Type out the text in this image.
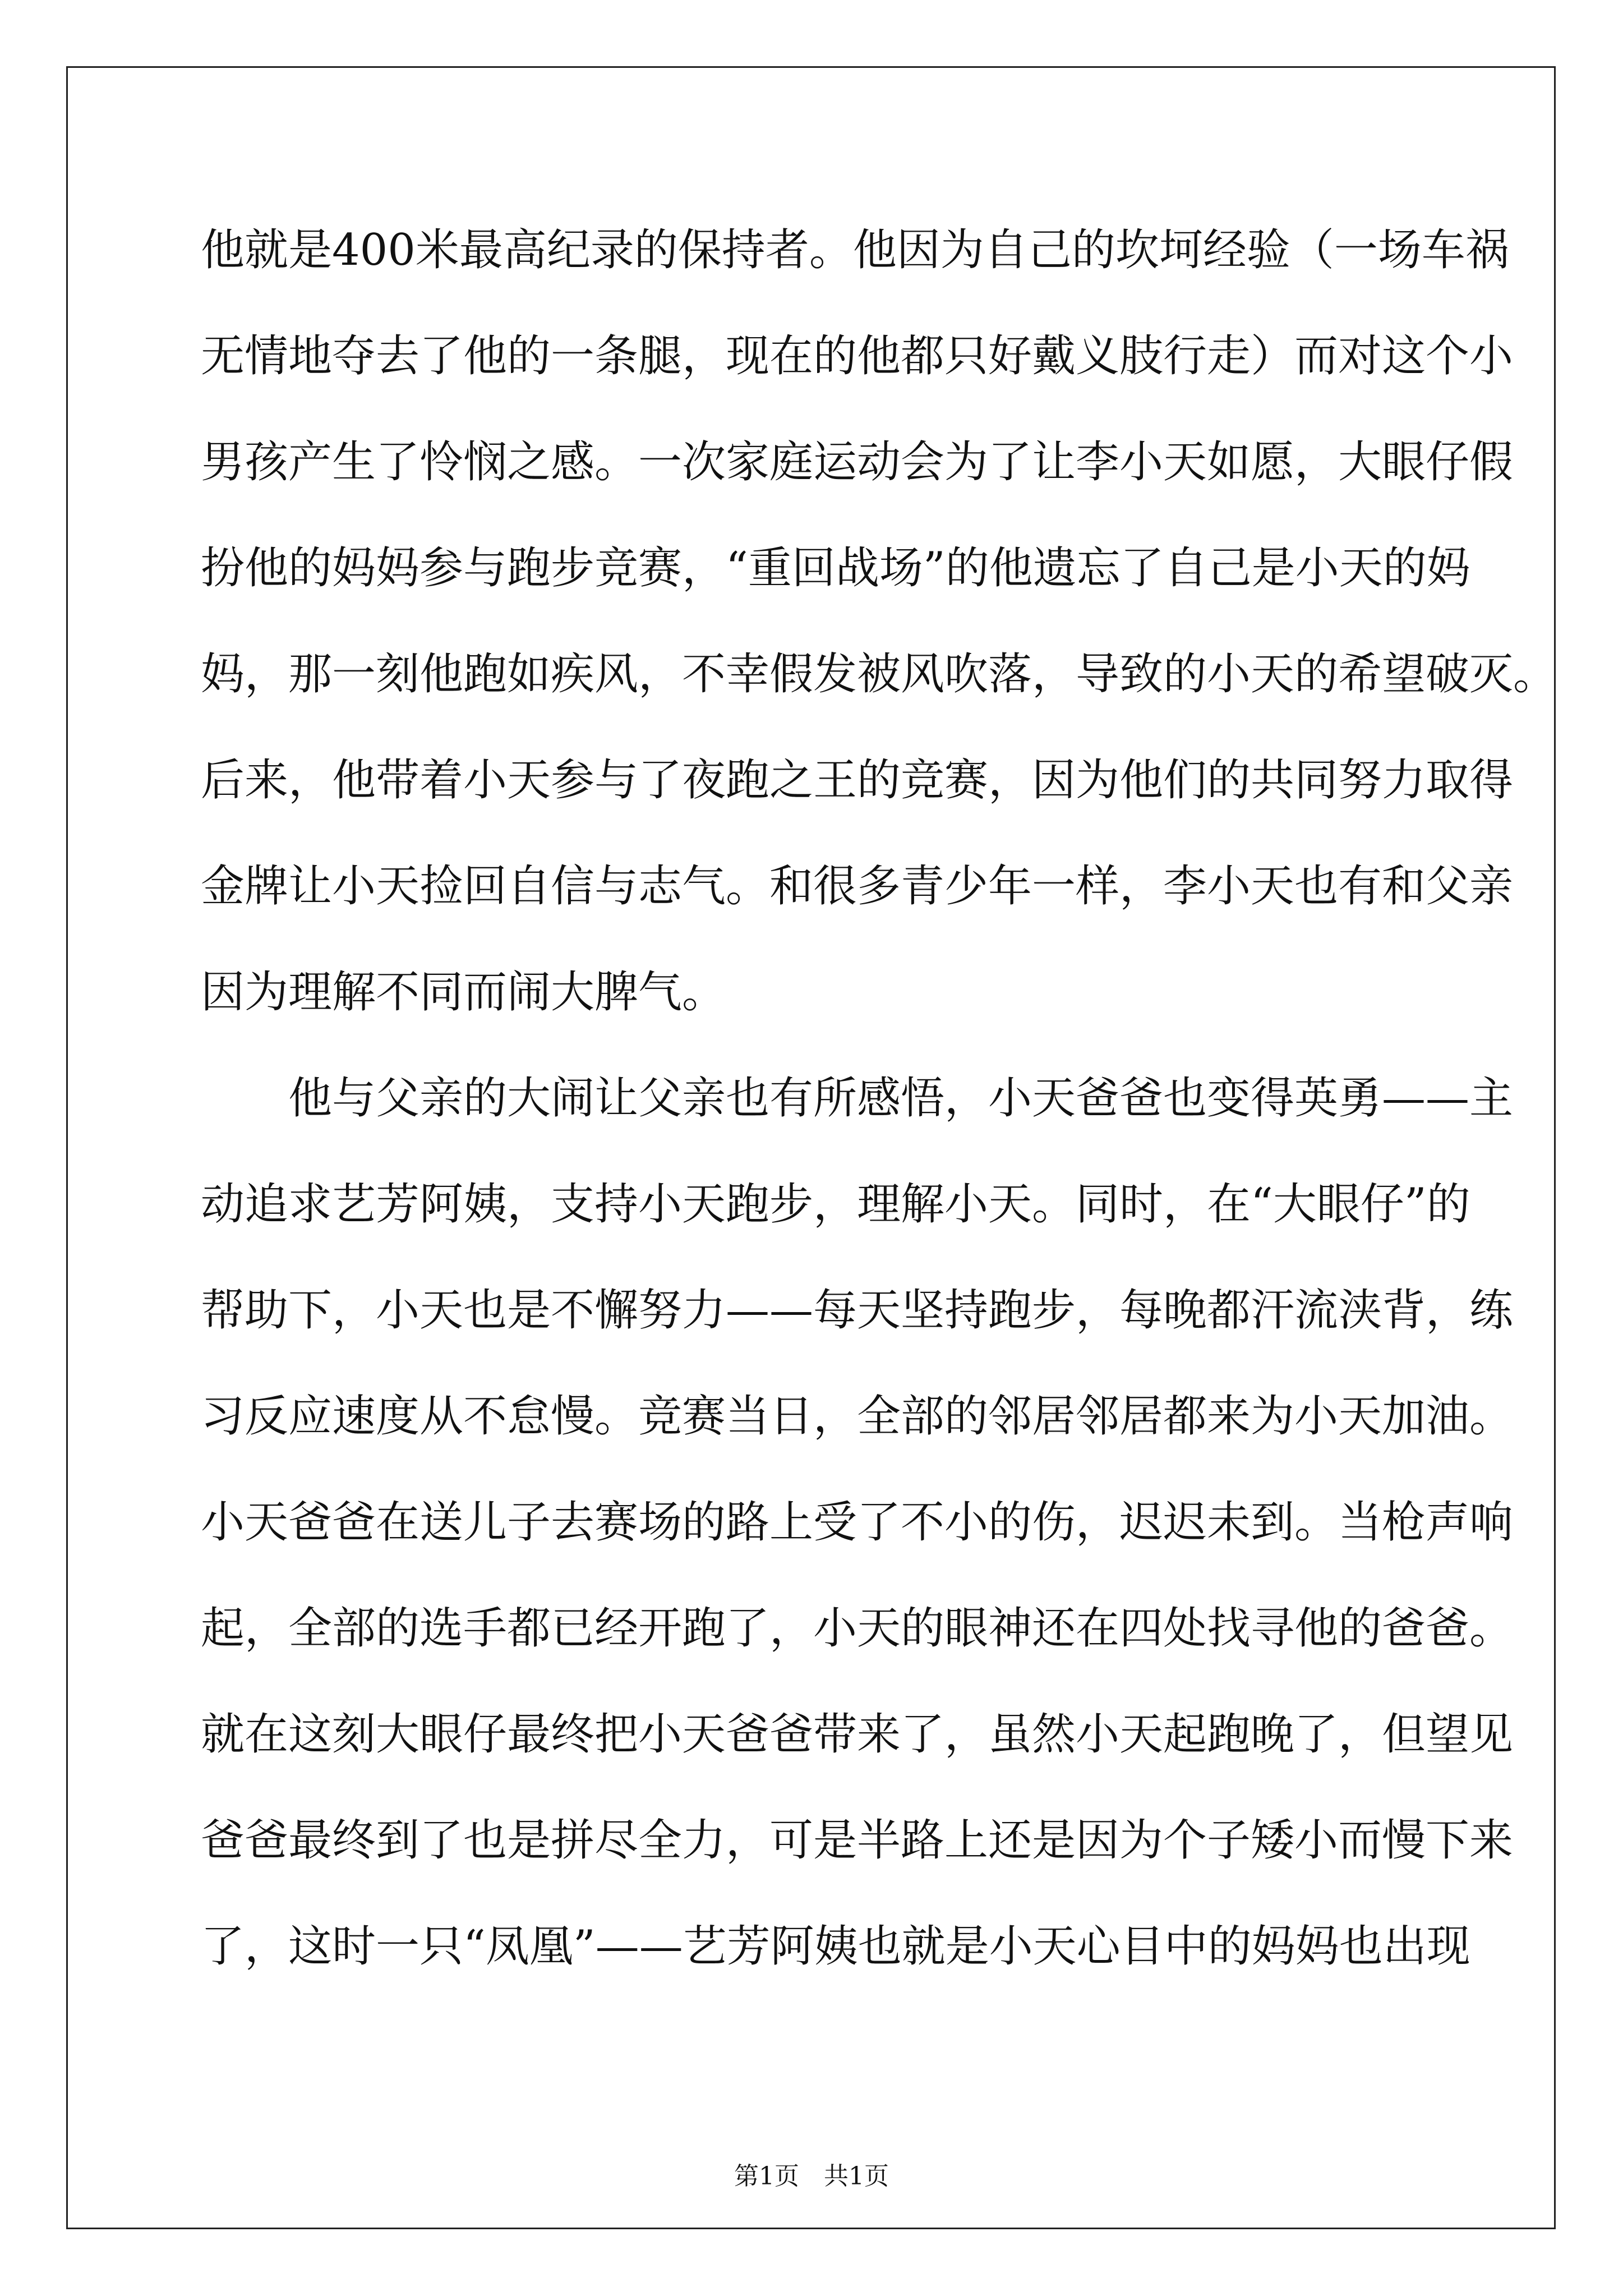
他就是400米最高纪录的保持者。他因为自己的坎坷经验（一场车祸
无情地夺去了他的一条腿，现在的他都只好戴义肢行走）而对这个小
男孩产生了怜悯之感。一次家庭运动会为了让李小天如愿，大眼仔假
扮他的妈妈参与跑步竞赛，“重回战场”的他遗忘了自己是小天的妈
妈，那一刻他跑如疾风，不幸假发被风吹落，导致的小天的希望破灭。
后来，他带着小天参与了夜跑之王的竞赛，因为他们的共同努力取得
金牌让小天捡回自信与志气。和很多青少年一样，李小天也有和父亲
因为理解不同而闹大脾气。
　　他与父亲的大闹让父亲也有所感悟，小天爸爸也变得英勇——主
动追求艺芳阿姨，支持小天跑步，理解小天。同时，在“大眼仔”的
帮助下，小天也是不懈努力——每天坚持跑步，每晚都汗流浃背，练
习反应速度从不怠慢。竞赛当日，全部的邻居邻居都来为小天加油。
小天爸爸在送儿子去赛场的路上受了不小的伤，迟迟未到。当枪声响
起，全部的选手都已经开跑了，小天的眼神还在四处找寻他的爸爸。
就在这刻大眼仔最终把小天爸爸带来了，虽然小天起跑晚了，但望见
爸爸最终到了也是拼尽全力，可是半路上还是因为个子矮小而慢下来
了，这时一只“凤凰”——艺芳阿姨也就是小天心目中的妈妈也出现
第1页　共1页
